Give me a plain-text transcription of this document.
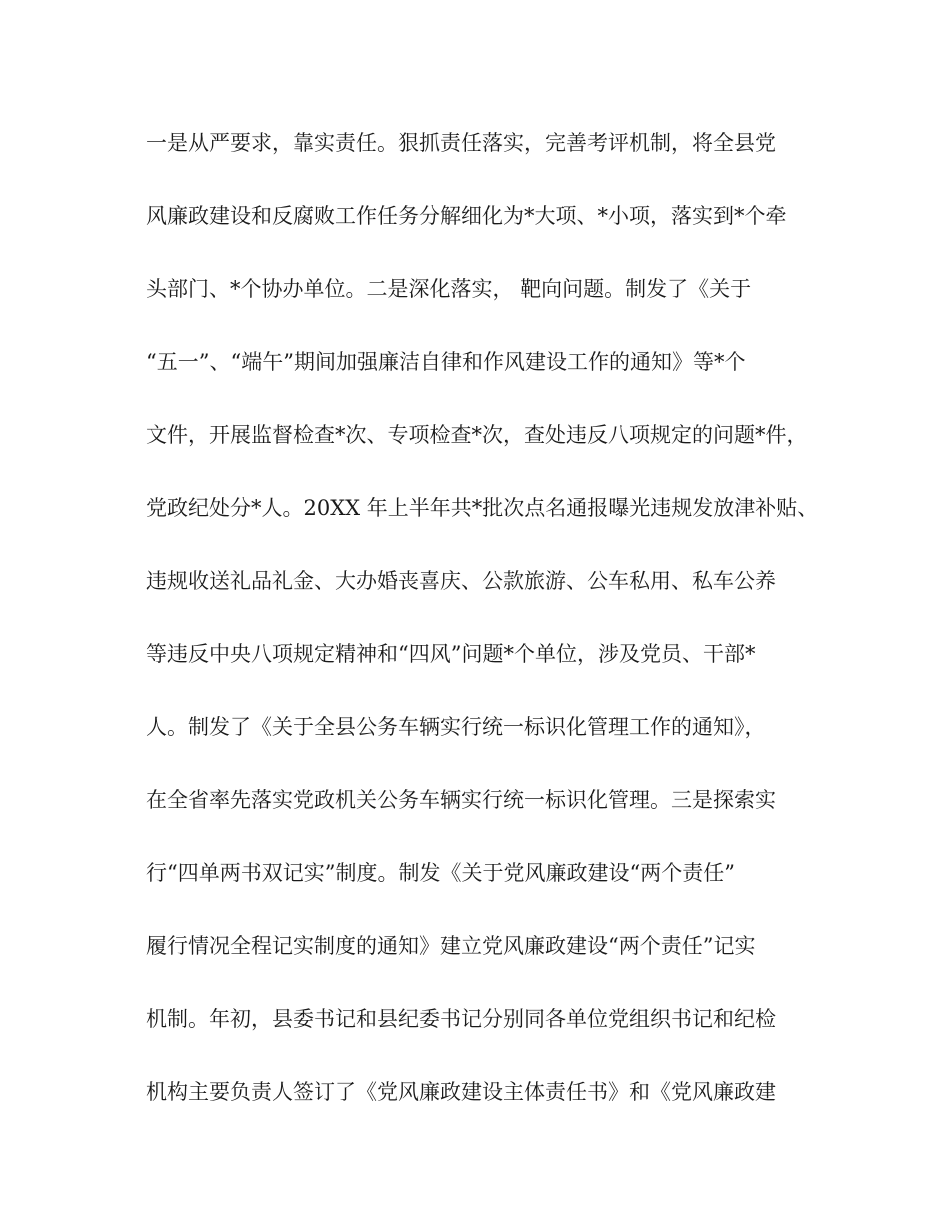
一是从严要求，靠实责任。狠抓责任落实，完善考评机制，将全县党
风廉政建设和反腐败工作任务分解细化为*大项、*小项，落实到*个牵
头部门、*个协办单位。二是深化落实， 靶向问题。制发了《关于
“五一”、“端午”期间加强廉洁自律和作风建设工作的通知》等*个
文件，开展监督检查*次、专项检查*次，查处违反八项规定的问题*件，
党政纪处分*人。20XX 年上半年共*批次点名通报曝光违规发放津补贴、
违规收送礼品礼金、大办婚丧喜庆、公款旅游、公车私用、私车公养
等违反中央八项规定精神和“四风”问题*个单位，涉及党员、干部*
人。制发了《关于全县公务车辆实行统一标识化管理工作的通知》，
在全省率先落实党政机关公务车辆实行统一标识化管理。三是探索实
行“四单两书双记实”制度。制发《关于党风廉政建设“两个责任”
履行情况全程记实制度的通知》建立党风廉政建设“两个责任”记实
机制。年初，县委书记和县纪委书记分别同各单位党组织书记和纪检
机构主要负责人签订了《党风廉政建设主体责任书》和《党风廉政建
